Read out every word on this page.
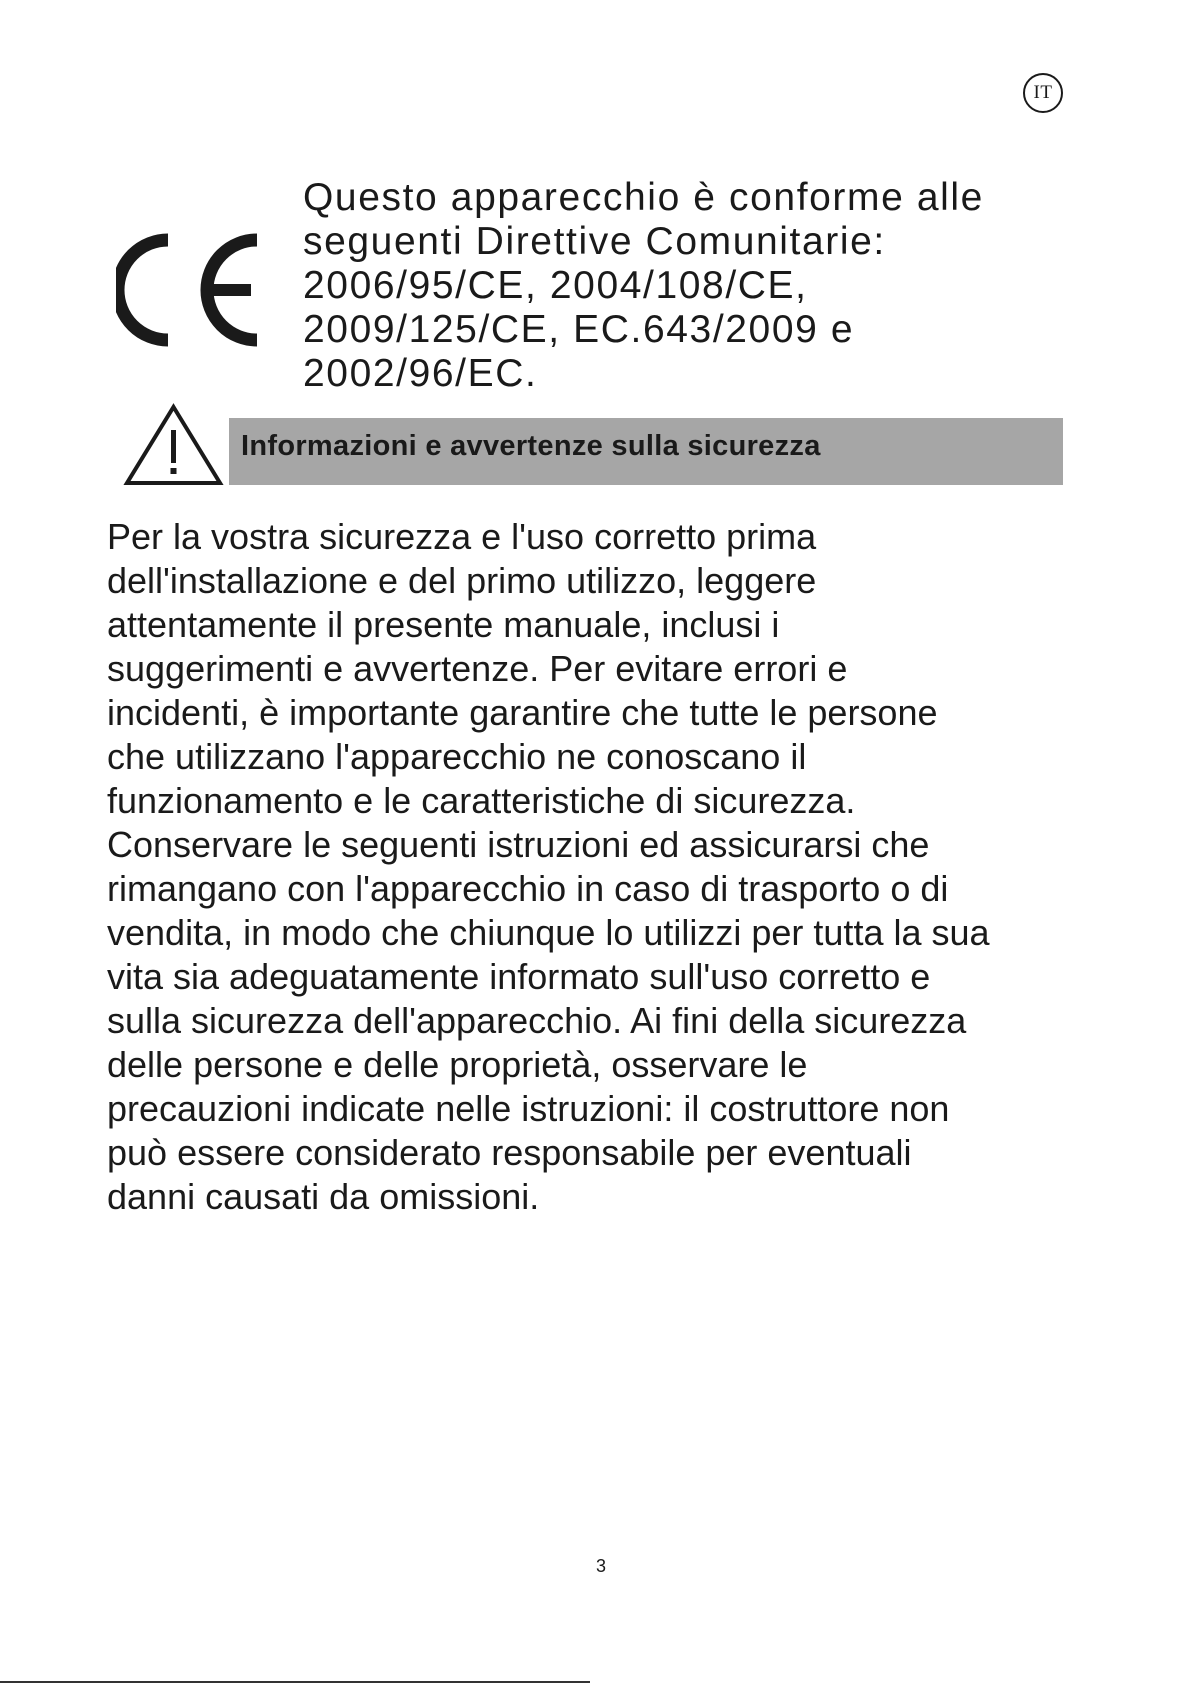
IT
Questo apparecchio è conforme alle
seguenti Direttive Comunitarie:
2006/95/CE, 2004/108/CE,
2009/125/CE, EC.643/2009 e
2002/96/EC.
Informazioni e avvertenze sulla sicurezza
Per la vostra sicurezza e l'uso corretto prima
dell'installazione e del primo utilizzo, leggere
attentamente il presente manuale, inclusi i
suggerimenti e avvertenze. Per evitare errori e
incidenti, è importante garantire che tutte le persone
che utilizzano l'apparecchio ne conoscano il
funzionamento e le caratteristiche di sicurezza.
Conservare le seguenti istruzioni ed assicurarsi che
rimangano con l'apparecchio in caso di trasporto o di
vendita, in modo che chiunque lo utilizzi per tutta la sua
vita sia adeguatamente informato sull'uso corretto e
sulla sicurezza dell'apparecchio. Ai fini della sicurezza
delle persone e delle proprietà, osservare le
precauzioni indicate nelle istruzioni: il costruttore non
può essere considerato responsabile per eventuali
danni causati da omissioni.
3
